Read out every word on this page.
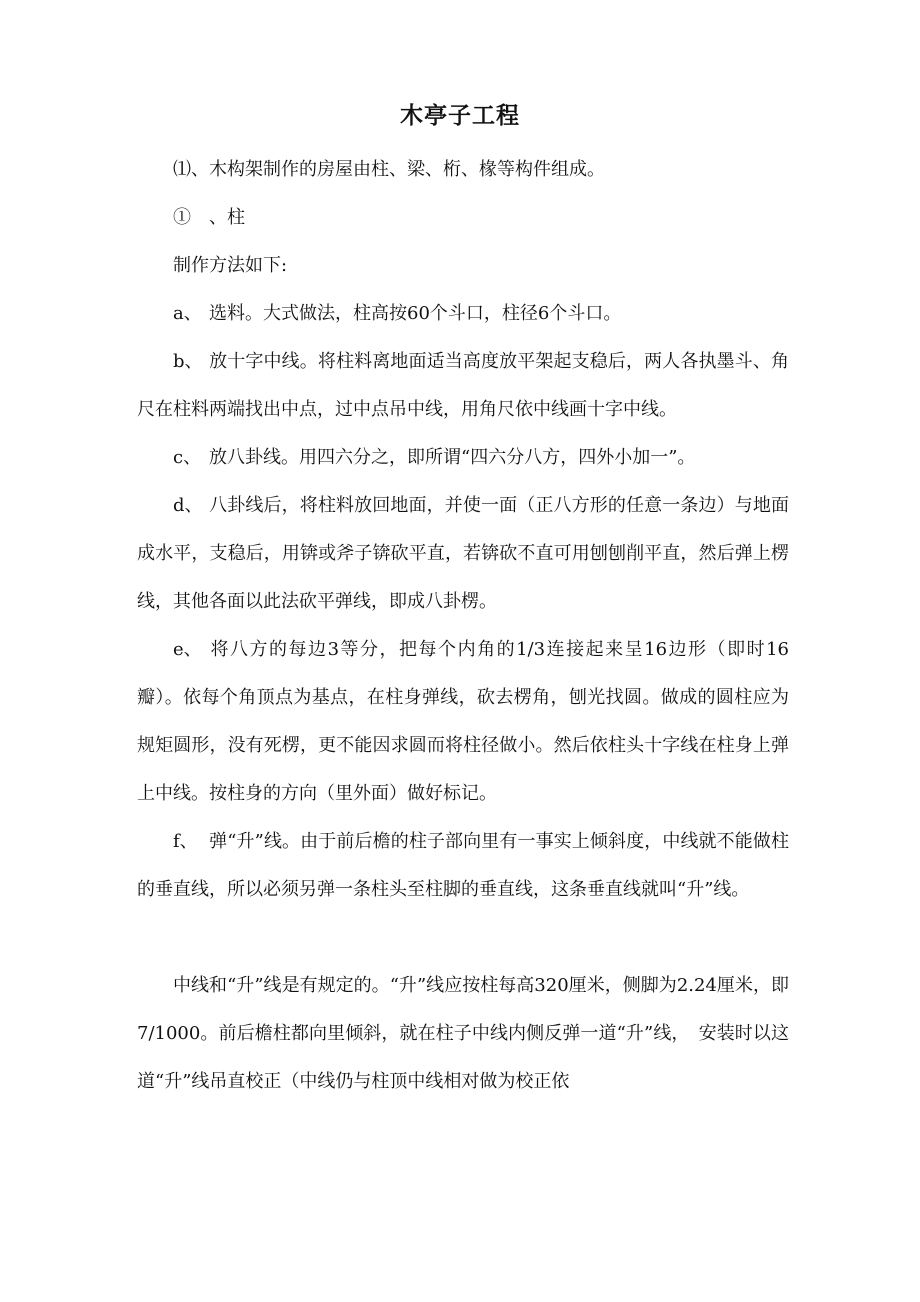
木亭子工程

⑴、木构架制作的房屋由柱、梁、桁、椽等构件组成。

①　、柱

制作方法如下:

a、 选料。大式做法，柱高按60个斗口，柱径6个斗口。

b、 放十字中线。将柱料离地面适当高度放平架起支稳后，两人各执墨斗、角尺在柱料两端找出中点，过中点吊中线，用角尺依中线画十字中线。

c、 放八卦线。用四六分之，即所谓“四六分八方，四外小加一”。

d、 八卦线后，将柱料放回地面，并使一面（正八方形的任意一条边）与地面成水平，支稳后，用锛或斧子锛砍平直，若锛砍不直可用刨刨削平直，然后弹上楞线，其他各面以此法砍平弹线，即成八卦楞。

e、 将八方的每边3等分，把每个内角的1/3连接起来呈16边形（即时16瓣）。依每个角顶点为基点，在柱身弹线，砍去楞角，刨光找圆。做成的圆柱应为规矩圆形，没有死楞，更不能因求圆而将柱径做小。然后依柱头十字线在柱身上弹上中线。按柱身的方向（里外面）做好标记。

f、 弹“升”线。由于前后檐的柱子部向里有一事实上倾斜度，中线就不能做柱的垂直线，所以必须另弹一条柱头至柱脚的垂直线，这条垂直线就叫“升”线。

中线和“升”线是有规定的。“升”线应按柱每高320厘米，侧脚为2.24厘米，即7/1000。前后檐柱都向里倾斜，就在柱子中线内侧反弹一道“升”线，　安装时以这道“升”线吊直校正（中线仍与柱顶中线相对做为校正依
